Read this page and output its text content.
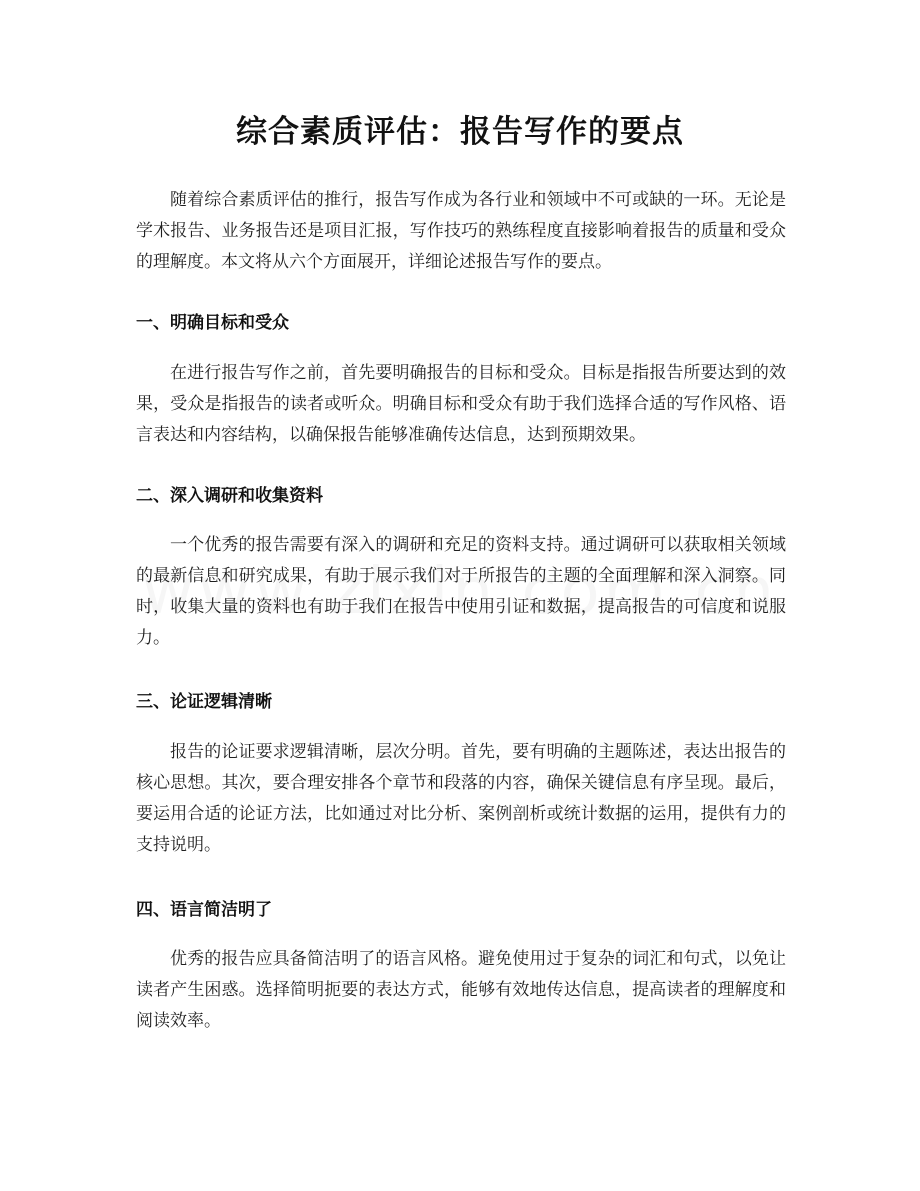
综合素质评估：报告写作的要点

随着综合素质评估的推行，报告写作成为各行业和领域中不可或缺的一环。无论是学术报告、业务报告还是项目汇报，写作技巧的熟练程度直接影响着报告的质量和受众的理解度。本文将从六个方面展开，详细论述报告写作的要点。

一、明确目标和受众

在进行报告写作之前，首先要明确报告的目标和受众。目标是指报告所要达到的效果，受众是指报告的读者或听众。明确目标和受众有助于我们选择合适的写作风格、语言表达和内容结构，以确保报告能够准确传达信息，达到预期效果。

二、深入调研和收集资料

一个优秀的报告需要有深入的调研和充足的资料支持。通过调研可以获取相关领域的最新信息和研究成果，有助于展示我们对于所报告的主题的全面理解和深入洞察。同时，收集大量的资料也有助于我们在报告中使用引证和数据，提高报告的可信度和说服力。

三、论证逻辑清晰

报告的论证要求逻辑清晰，层次分明。首先，要有明确的主题陈述，表达出报告的核心思想。其次，要合理安排各个章节和段落的内容，确保关键信息有序呈现。最后，要运用合适的论证方法，比如通过对比分析、案例剖析或统计数据的运用，提供有力的支持说明。

四、语言简洁明了

优秀的报告应具备简洁明了的语言风格。避免使用过于复杂的词汇和句式，以免让读者产生困惑。选择简明扼要的表达方式，能够有效地传达信息，提高读者的理解度和阅读效率。
